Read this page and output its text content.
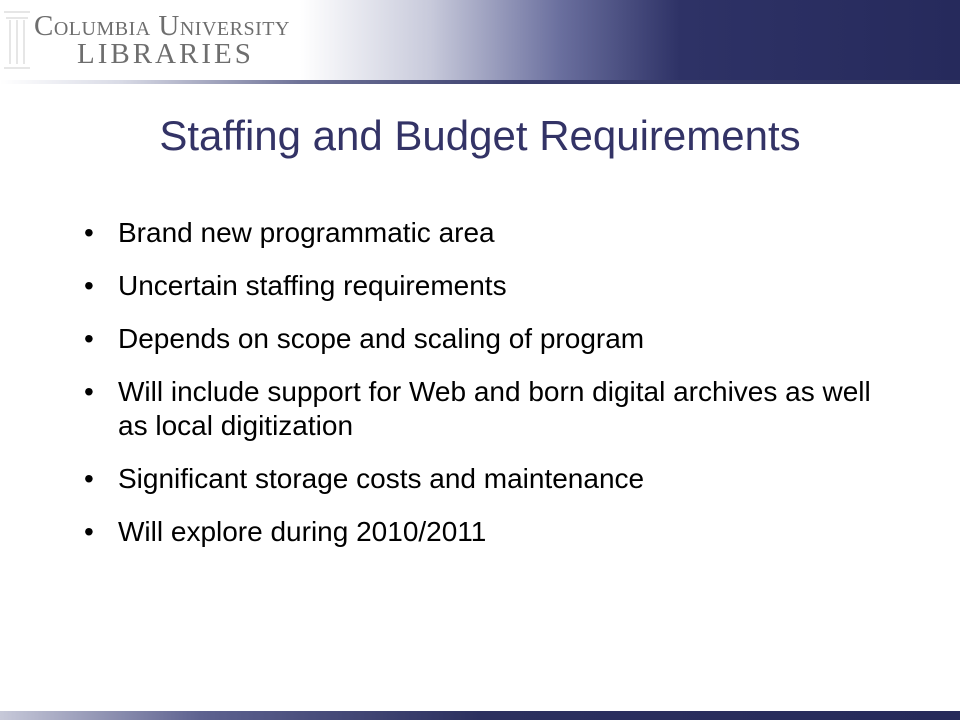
Columbia University
LIBRARIES
Staffing and Budget Requirements
• Brand new programmatic area
• Uncertain staffing requirements
• Depends on scope and scaling of program
• Will include support for Web and born digital archives as well as local digitization
• Significant storage costs and maintenance
• Will explore during 2010/2011
